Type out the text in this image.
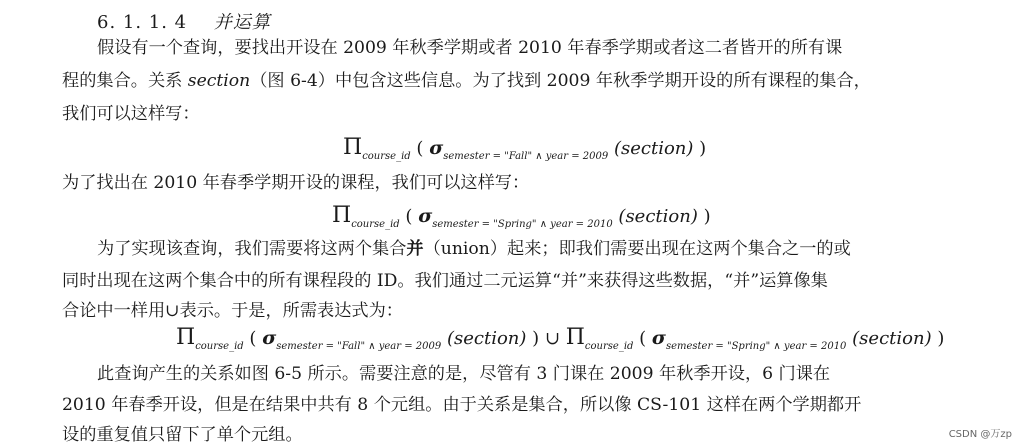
6. 1. 1. 4 并运算
假设有一个查询，要找出开设在 2009 年秋季学期或者 2010 年春季学期或者这二者皆开的所有课
程的集合。关系 section（图 6-4）中包含这些信息。为了找到 2009 年秋季学期开设的所有课程的集合，
我们可以这样写：
$\Pi_{course\_id}$ ( $\sigma_{semester = "Fall" \wedge year = 2009}$ (section) )
为了找出在 2010 年春季学期开设的课程，我们可以这样写：
$\Pi_{course\_id}$ ( $\sigma_{semester = "Spring" \wedge year = 2010}$ (section) )
为了实现该查询，我们需要将这两个集合并（union）起来；即我们需要出现在这两个集合之一的或
同时出现在这两个集合中的所有课程段的 ID。我们通过二元运算“并”来获得这些数据，“并”运算像集
合论中一样用∪表示。于是，所需表达式为：
$\Pi_{course\_id}$ ( $\sigma_{semester = "Fall" \wedge year = 2009}$ (section) ) ∪ $\Pi_{course\_id}$ ( $\sigma_{semester = "Spring" \wedge year = 2010}$ (section) )
此查询产生的关系如图 6-5 所示。需要注意的是，尽管有 3 门课在 2009 年秋季开设，6 门课在
2010 年春季开设，但是在结果中共有 8 个元组。由于关系是集合，所以像 CS-101 这样在两个学期都开
设的重复值只留下了单个元组。	CSDN @万zp
